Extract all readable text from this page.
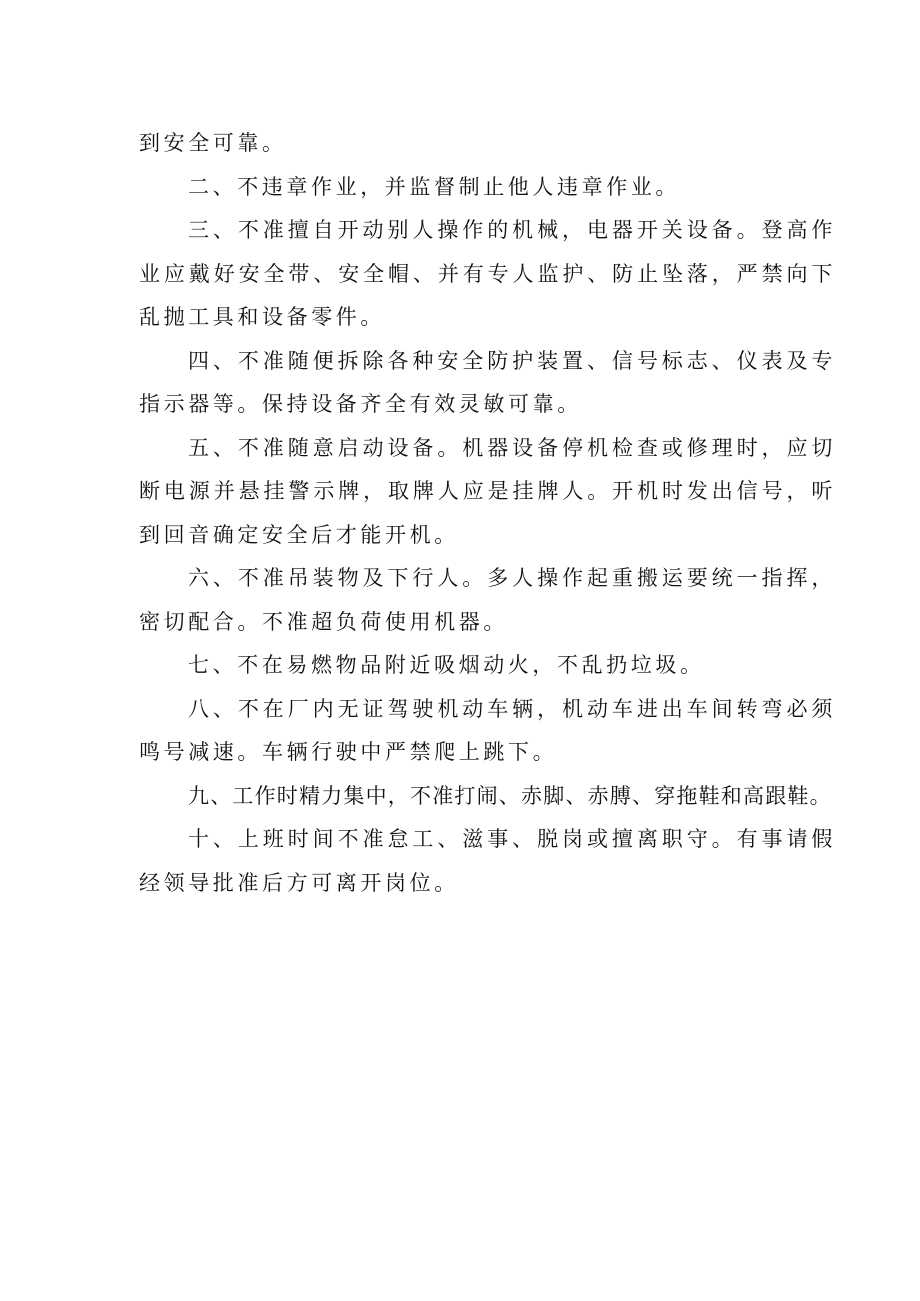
到安全可靠。

二、不违章作业，并监督制止他人违章作业。

三、不准擅自开动别人操作的机械，电器开关设备。登高作业应戴好安全带、安全帽、并有专人监护、防止坠落，严禁向下乱抛工具和设备零件。

四、不准随便拆除各种安全防护装置、信号标志、仪表及专指示器等。保持设备齐全有效灵敏可靠。

五、不准随意启动设备。机器设备停机检查或修理时，应切断电源并悬挂警示牌，取牌人应是挂牌人。开机时发出信号，听到回音确定安全后才能开机。

六、不准吊装物及下行人。多人操作起重搬运要统一指挥，密切配合。不准超负荷使用机器。

七、不在易燃物品附近吸烟动火，不乱扔垃圾。

八、不在厂内无证驾驶机动车辆，机动车进出车间转弯必须鸣号减速。车辆行驶中严禁爬上跳下。

九、工作时精力集中，不准打闹、赤脚、赤膊、穿拖鞋和高跟鞋。

十、上班时间不准怠工、滋事、脱岗或擅离职守。有事请假经领导批准后方可离开岗位。
